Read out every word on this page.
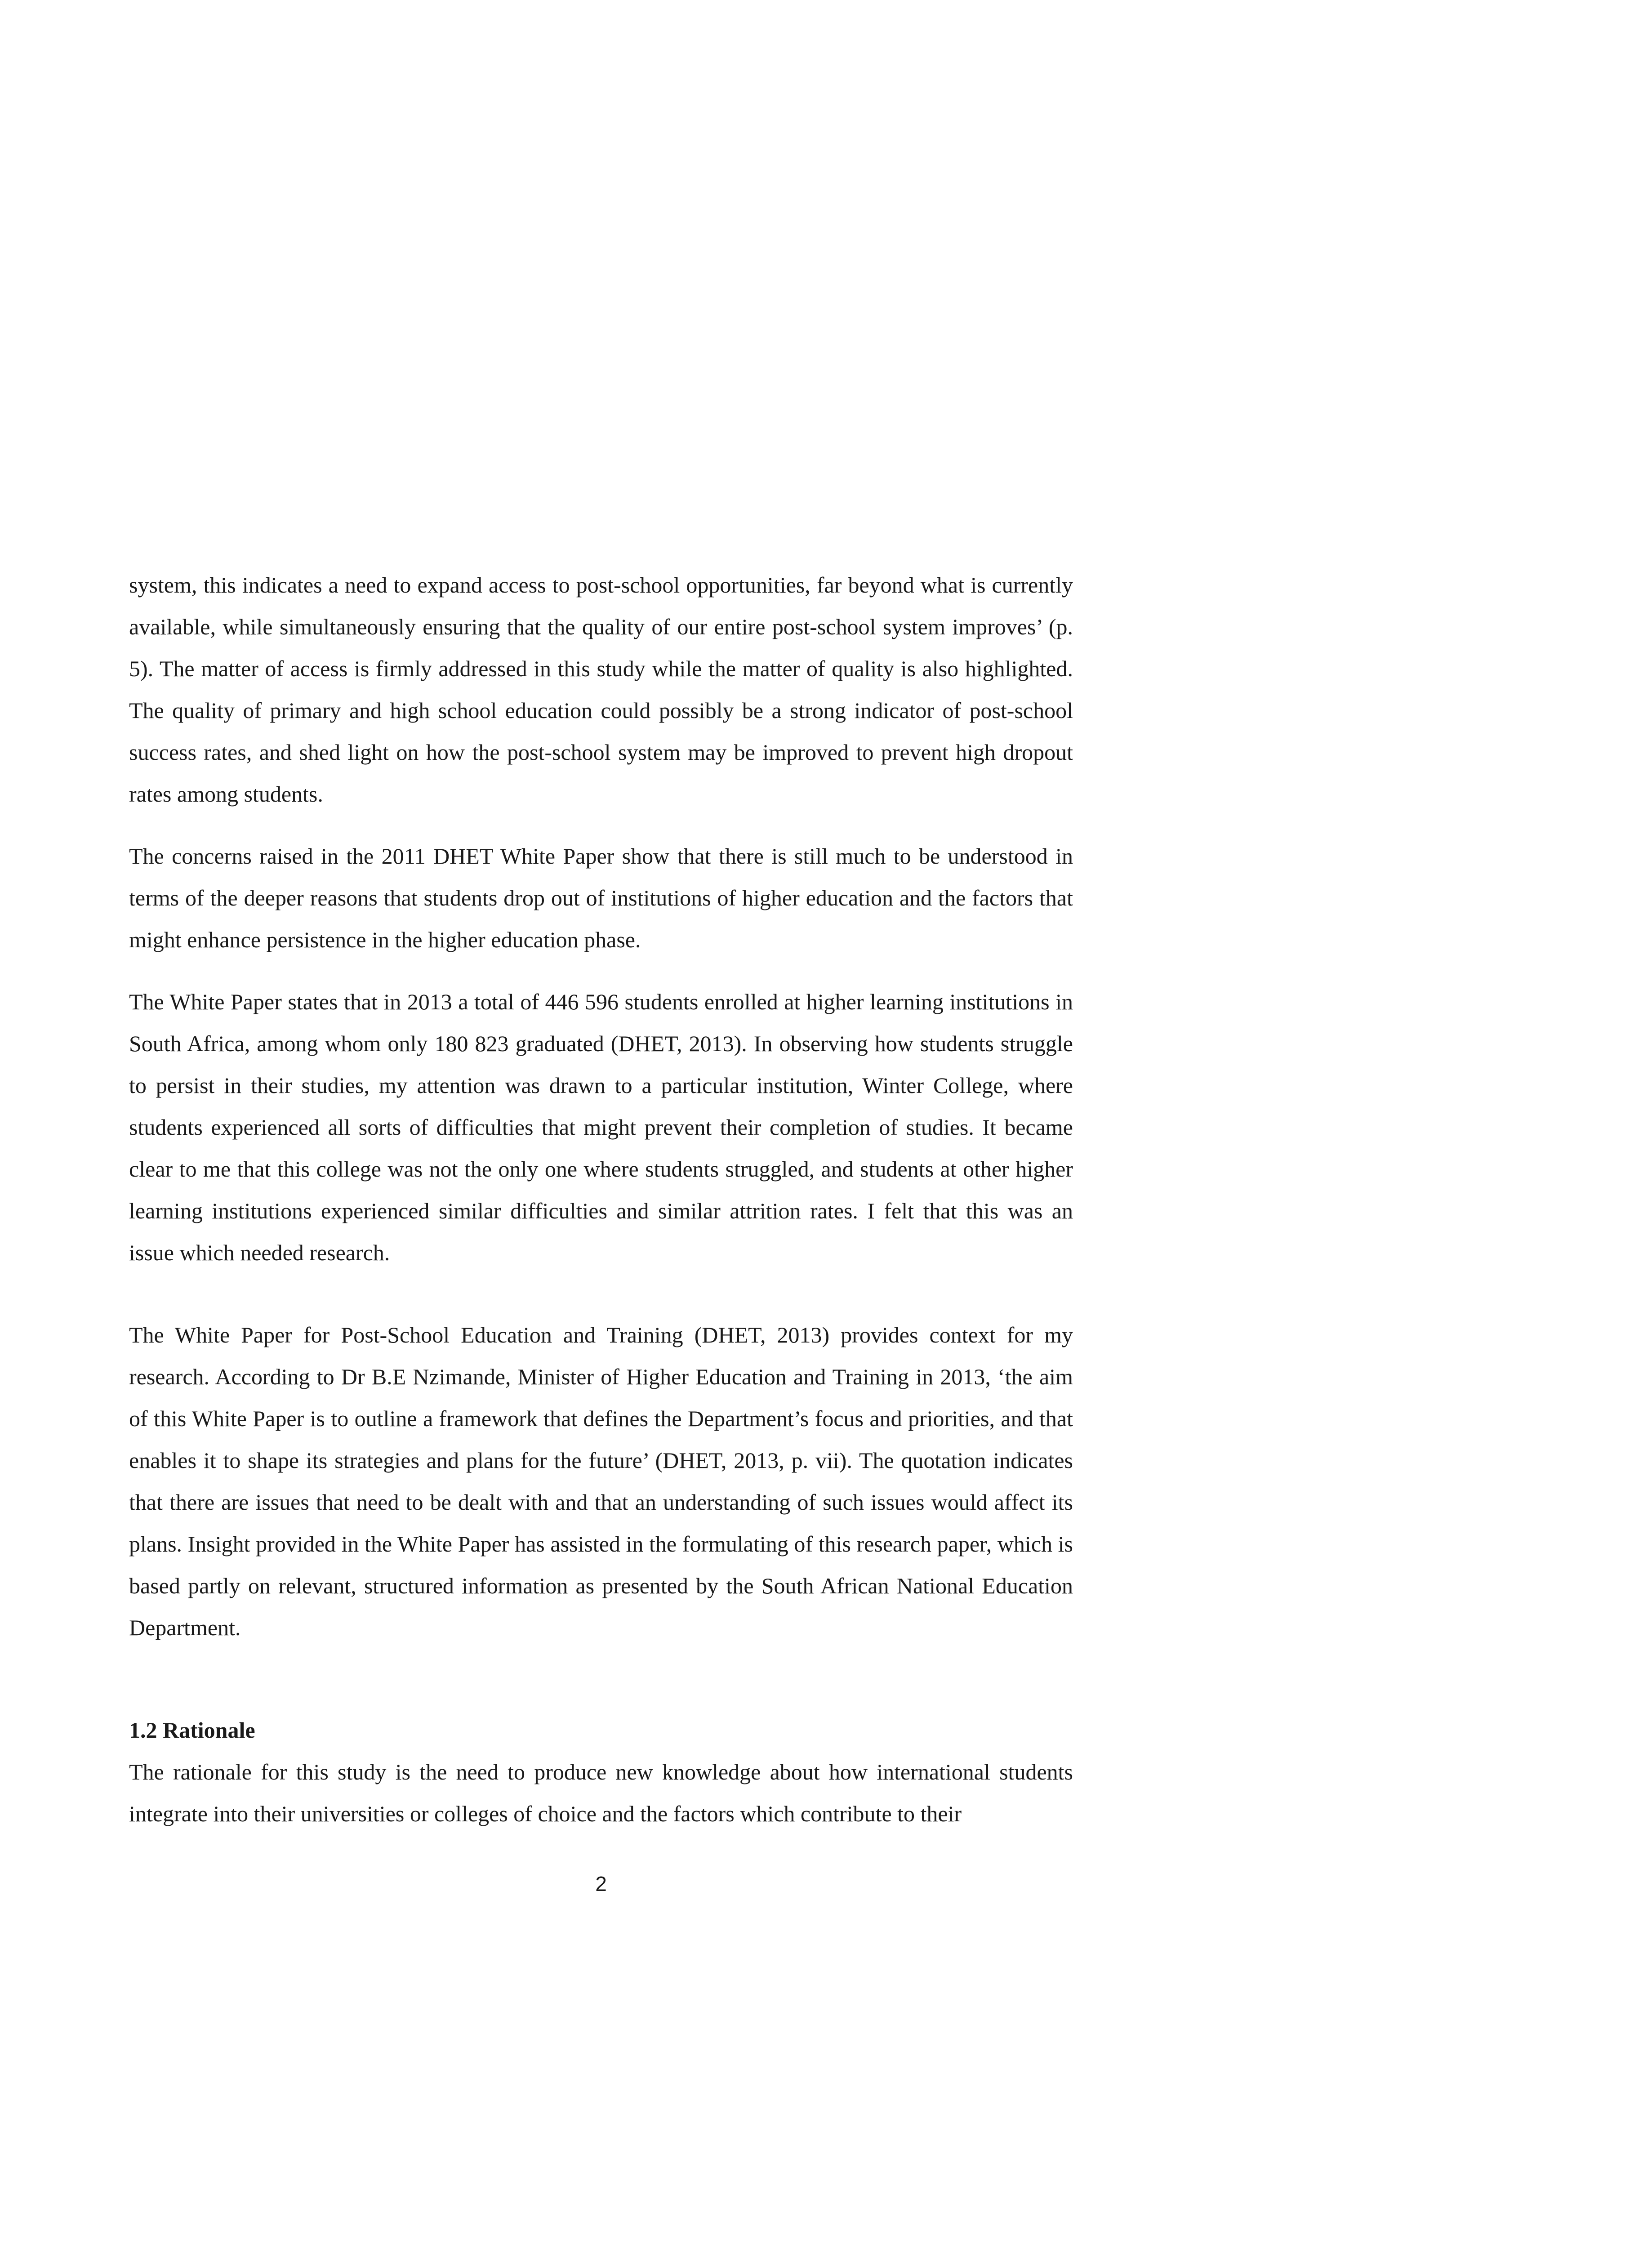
system, this indicates a need to expand access to post-school opportunities, far beyond what is currently available, while simultaneously ensuring that the quality of our entire post-school system improves’ (p. 5). The matter of access is firmly addressed in this study while the matter of quality is also highlighted. The quality of primary and high school education could possibly be a strong indicator of post-school success rates, and shed light on how the post-school system may be improved to prevent high dropout rates among students.

The concerns raised in the 2011 DHET White Paper show that there is still much to be understood in terms of the deeper reasons that students drop out of institutions of higher education and the factors that might enhance persistence in the higher education phase.

The White Paper states that in 2013 a total of 446 596 students enrolled at higher learning institutions in South Africa, among whom only 180 823 graduated (DHET, 2013). In observing how students struggle to persist in their studies, my attention was drawn to a particular institution, Winter College, where students experienced all sorts of difficulties that might prevent their completion of studies. It became clear to me that this college was not the only one where students struggled, and students at other higher learning institutions experienced similar difficulties and similar attrition rates. I felt that this was an issue which needed research.

The White Paper for Post-School Education and Training (DHET, 2013) provides context for my research. According to Dr B.E Nzimande, Minister of Higher Education and Training in 2013, ‘the aim of this White Paper is to outline a framework that defines the Department’s focus and priorities, and that enables it to shape its strategies and plans for the future’ (DHET, 2013, p. vii). The quotation indicates that there are issues that need to be dealt with and that an understanding of such issues would affect its plans. Insight provided in the White Paper has assisted in the formulating of this research paper, which is based partly on relevant, structured information as presented by the South African National Education Department.

1.2 Rationale

The rationale for this study is the need to produce new knowledge about how international students integrate into their universities or colleges of choice and the factors which contribute to their

2
